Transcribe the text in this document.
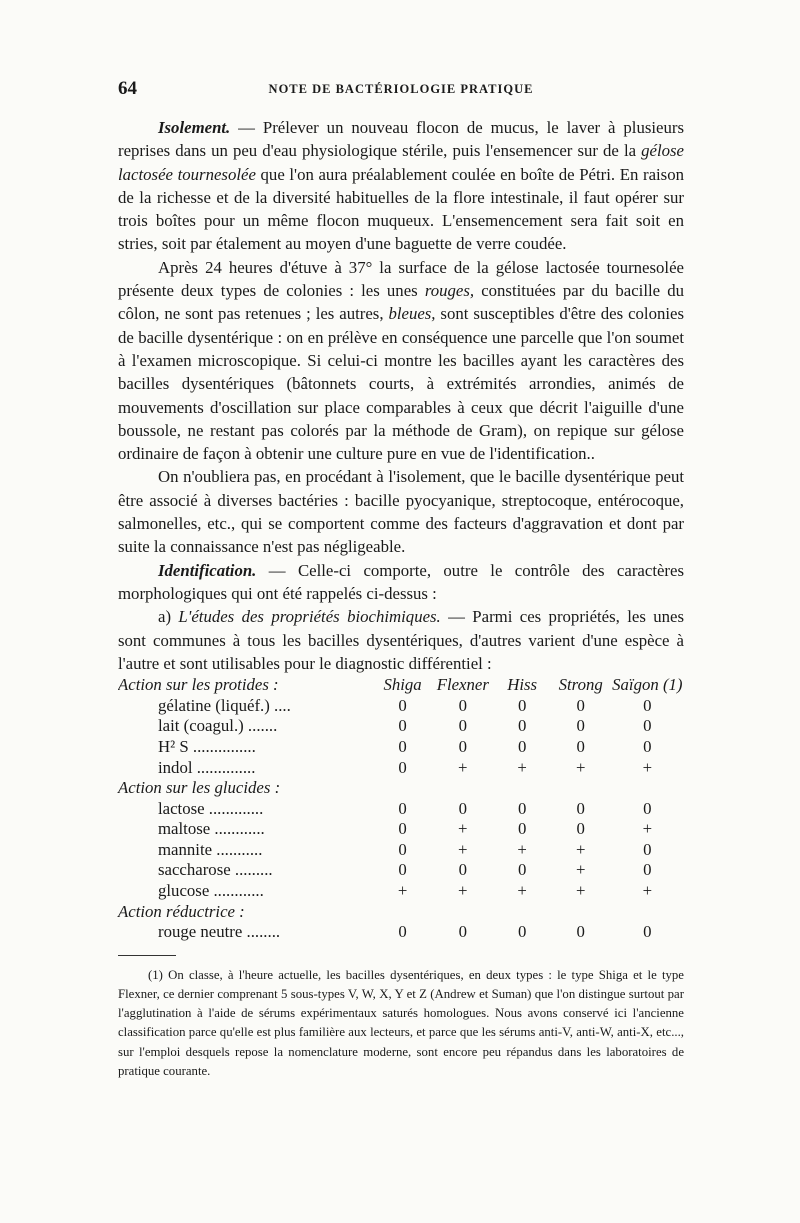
64	NOTE DE BACTÉRIOLOGIE PRATIQUE

Isolement. — Prélever un nouveau flocon de mucus, le laver à plusieurs reprises dans un peu d'eau physiologique stérile, puis l'ensemencer sur de la gélose lactosée tournesolée que l'on aura préalablement coulée en boîte de Pétri. En raison de la richesse et de la diversité habituelles de la flore intestinale, il faut opérer sur trois boîtes pour un même flocon muqueux. L'ensemencement sera fait soit en stries, soit par étalement au moyen d'une baguette de verre coudée.

Après 24 heures d'étuve à 37° la surface de la gélose lactosée tournesolée présente deux types de colonies : les unes rouges, constituées par du bacille du côlon, ne sont pas retenues ; les autres, bleues, sont susceptibles d'être des colonies de bacille dysentérique : on en prélève en conséquence une parcelle que l'on soumet à l'examen microscopique. Si celui-ci montre les bacilles ayant les caractères des bacilles dysentériques (bâtonnets courts, à extrémités arrondies, animés de mouvements d'oscillation sur place comparables à ceux que décrit l'aiguille d'une boussole, ne restant pas colorés par la méthode de Gram), on repique sur gélose ordinaire de façon à obtenir une culture pure en vue de l'identification..

On n'oubliera pas, en procédant à l'isolement, que le bacille dysentérique peut être associé à diverses bactéries : bacille pyocyanique, streptocoque, entérocoque, salmonelles, etc., qui se comportent comme des facteurs d'aggravation et dont par suite la connaissance n'est pas négligeable.

Identification. — Celle-ci comporte, outre le contrôle des caractères morphologiques qui ont été rappelés ci-dessus :

a) L'études des propriétés biochimiques. — Parmi ces propriétés, les unes sont communes à tous les bacilles dysentériques, d'autres varient d'une espèce à l'autre et sont utilisables pour le diagnostic différentiel :

Action sur les protides :	Shiga	Flexner	Hiss	Strong	Saïgon (1)
gélatine (liquéf.) ....	0	0	0	0	0
lait (coagul.) .......	0	0	0	0	0
H² S ...............	0	0	0	0	0
indol ..............	0	+	+	+	+
Action sur les glucides :					
lactose .............	0	0	0	0	0
maltose ............	0	+	0	0	+
mannite ...........	0	+	+	+	0
saccharose .........	0	0	0	+	0
glucose ............	+	+	+	+	+
Action réductrice :					
rouge neutre ........	0	0	0	0	0

(1) On classe, à l'heure actuelle, les bacilles dysentériques, en deux types : le type Shiga et le type Flexner, ce dernier comprenant 5 sous-types V, W, X, Y et Z (Andrew et Suman) que l'on distingue surtout par l'agglutination à l'aide de sérums expérimentaux saturés homologues. Nous avons conservé ici l'ancienne classification parce qu'elle est plus familière aux lecteurs, et parce que les sérums anti-V, anti-W, anti-X, etc..., sur l'emploi desquels repose la nomenclature moderne, sont encore peu répandus dans les laboratoires de pratique courante.
